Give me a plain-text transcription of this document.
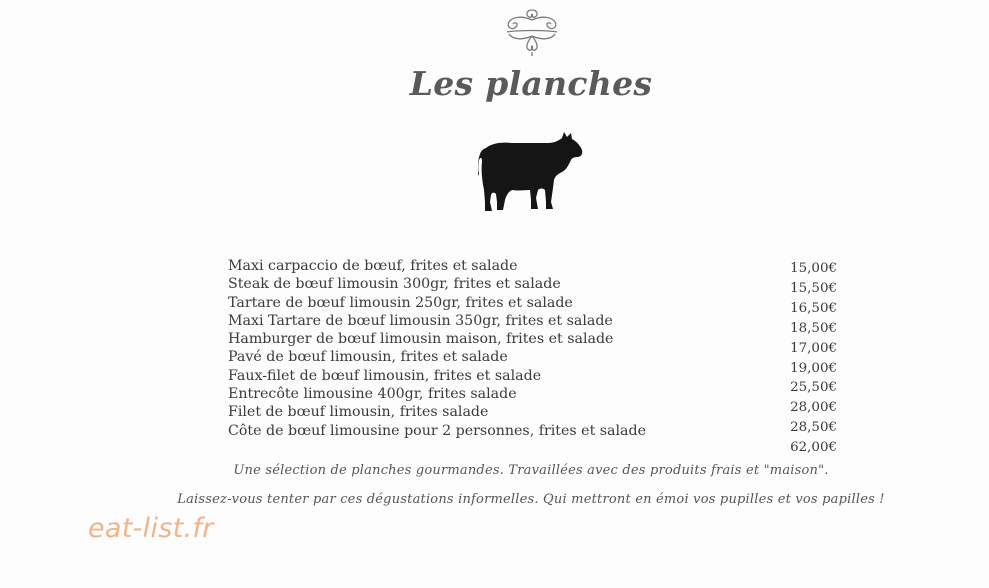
Les planches
Maxi carpaccio de bœuf, frites et salade
Steak de bœuf limousin 300gr, frites et salade
Tartare de bœuf limousin 250gr, frites et salade
Maxi Tartare de bœuf limousin 350gr, frites et salade
Hamburger de bœuf limousin maison, frites et salade
Pavé de bœuf limousin, frites et salade
Faux-filet de bœuf limousin, frites et salade
Entrecôte limousine 400gr, frites salade
Filet de bœuf limousin, frites salade
Côte de bœuf limousine pour 2 personnes, frites et salade
15,00€
15,50€
16,50€
18,50€
17,00€
19,00€
25,50€
28,00€
28,50€
62,00€
Une sélection de planches gourmandes. Travaillées avec des produits frais et "maison".
Laissez-vous tenter par ces dégustations informelles. Qui mettront en émoi vos pupilles et vos papilles !
eat-list.fr
